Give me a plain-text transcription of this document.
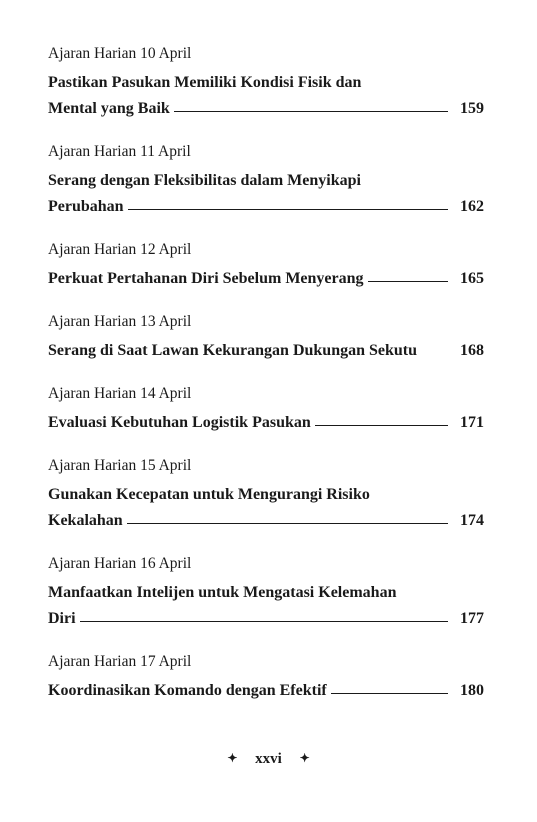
Ajaran Harian 10 April
Pastikan Pasukan Memiliki Kondisi Fisik dan
Mental yang Baik	159
Ajaran Harian 11 April
Serang dengan Fleksibilitas dalam Menyikapi
Perubahan	162
Ajaran Harian 12 April
Perkuat Pertahanan Diri Sebelum Menyerang	165
Ajaran Harian 13 April
Serang di Saat Lawan Kekurangan Dukungan Sekutu	168
Ajaran Harian 14 April
Evaluasi Kebutuhan Logistik Pasukan	171
Ajaran Harian 15 April
Gunakan Kecepatan untuk Mengurangi Risiko
Kekalahan	174
Ajaran Harian 16 April
Manfaatkan Intelijen untuk Mengatasi Kelemahan
Diri	177
Ajaran Harian 17 April
Koordinasikan Komando dengan Efektif	180
✦ xxvi ✦
